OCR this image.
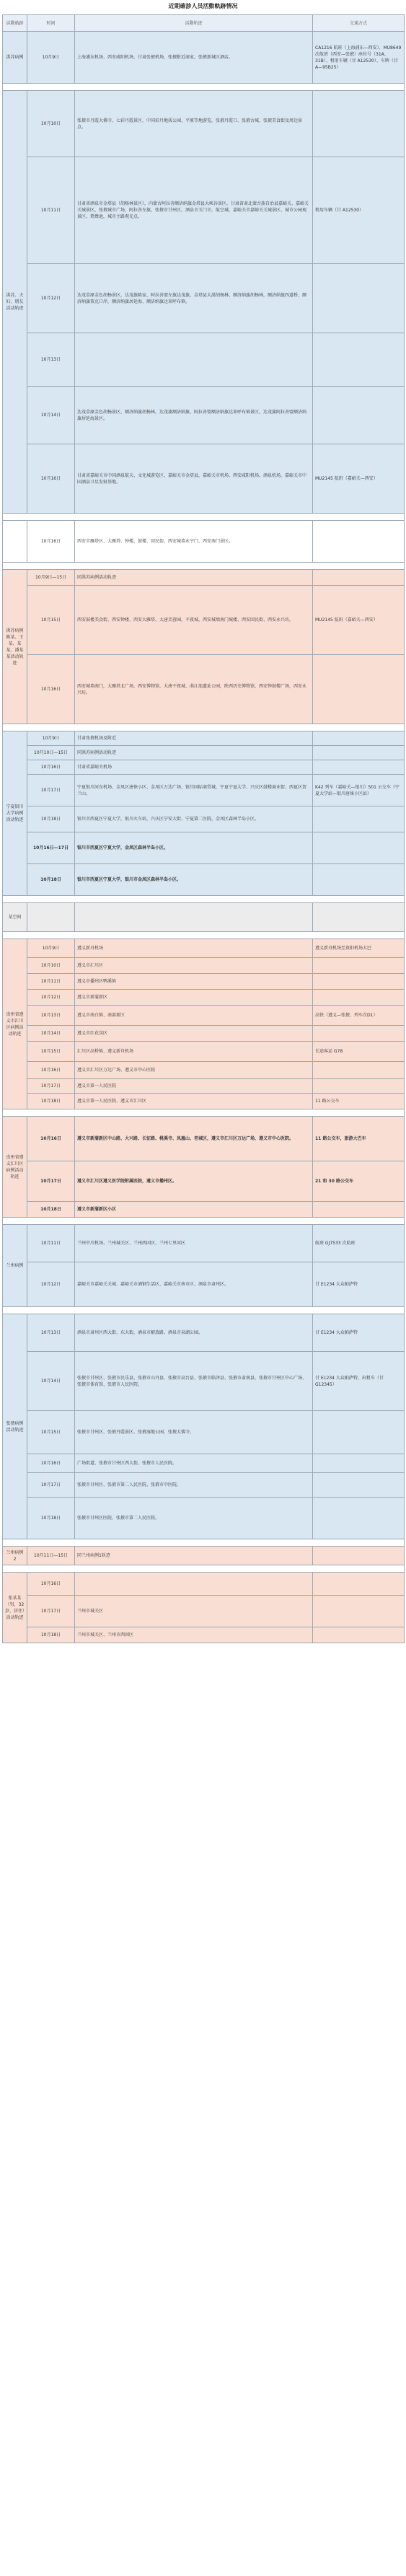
近期確診人员活動軌跡情况
活動軌跡	时间	活動轨迹	交通方式
洪苏病例	10月9日	上海浦东机场、西安咸阳机场、甘肃张掖机场、张掖附近商家，张掖新城区酒店。	CA1216 航班（上海浦东—西安）、MU8649 次航班（西安—张掖）座位号（31A、31B）、租用车辆（甘 A12530）、车牌（甘 A—95B25）

洪苏、夫妇、朋友活动轨迹	10月10日	张掖市丹霞大佛寺、七彩丹霞景区、中国彩丹地质公园、平原等地游览，张掖丹霞口、张掖古城、张掖美食街及周边景点。	
	10月11日	甘肃省酒泉市金塔县（胡杨林景区），内蒙古阿拉善额济纳旗金塔县大峡谷景区，甘肃省肃北蒙古族自治县嘉峪关、嘉峪关关城景区，张掖城市广场，阿拉善左旗，张掖市甘州区，酒泉市玉门市，航空城，嘉峪关市嘉峪关关城景区、城市公园观景区、鸳鸯池，城市主路观光点。	租用车辆（甘 A12530）
	10月12日	达茂草原金色胡杨景区，达茂旗陈家、阿拉善盟左旗达茂旗、金塔县大漠胡杨林、额济纳旗胡杨林，额济纳旗四道桥、额济纳旗策克口岸，额济纳旗居延海、额济纳旗达来呼布镇。	
	10月13日		
	10月14日	达茂草原金色胡杨景区，额济纳旗胡杨林，达茂旗额济纳旗、阿拉善盟额济纳旗达来呼布镇景区，达茂旗阿拉善盟额济纳旗居延海景区。	
	10月16日	甘肃省嘉峪关市中国酒泉航天、文化城游览区、嘉峪关市金塔县，嘉峪关市机场、西安咸阳机场、酒泉机场，嘉峪关市中国酒泉卫星发射基地。	MU2145 航班（嘉峪关—西安）

	10月16日	西安市雁塔区、大雁塔、钟楼、鼓楼、回民街、西安城墙永宁门、西安南门景区。	

洪苏病例陈某、王某、某某、潘某某活动轨迹	10月9日—15日	同洪苏病例活动轨迹	
	10月15日	西安鼓楼美食街、西安钟楼、西安大雁塔、大唐芙蓉园，不夜城，西安城墙南门城楼、西安回民街、西安永兴坊。	MU2145 航班（嘉峪关—西安）
	10月16日	西安城墙南门，大雁塔北广场，西安博物馆，大唐不夜城、曲江池遗址公园，陕西历史博物馆，西安钟鼓楼广场，西安永兴坊。	

宁夏银川大学病例活动轨迹	10月9日	甘肃张掖机场及附近	
	10月10日—15日	同洪苏病例活动轨迹	
	10月16日	甘肃省嘉峪关机场	
	10月17日	宁夏银川河东机场，金凤区唐徕小区、金凤区万达广场、银川国际商贸城，宁夏宁夏大学、兴庆区鼓楼商业街、西夏区贺兰山。	K42 列车（嘉峪关—银川）501 公交车（宁夏大学站—银川唐徕小区站）
	10月18日	银川市西夏区宁夏大学，银川火车站，兴庆区宁安大街、宁夏第二医院，金凤区森林半岛小区。	
	10月16日—17日	银川市西夏区宁夏大学，金凤区森林半岛小区。	
	10月18日	银川市西夏区宁夏大学，银川市金凤区森林半岛小区。	

某空间			

贵州省遵义市汇川区病例活动轨迹	10月9日	遵义新舟机场	遵义新舟机场至贵阳机场大巴
	10月10日	遵义市汇川区	
	10月11日	遵义市播州区鸭溪镇	
	10月12日	遵义市新蒲新区	
	10月13日	遵义市南白镇、南部新区	高铁（遵义—张掖、列车次D1）
	10月14日	遵义市红花岗区	
	10月15日	汇川区高桥镇、遵义新舟机场	长途客运 G78
	10月16日	遵义市汇川区万达广场、遵义市中心医院	
	10月17日	遵义市第一人民医院	
	10月18日	遵义市第一人民医院、遵义市汇川区	11 路公交车

贵州省遵义汇川区病例活动轨迹	10月16日	遵义市新蒲新区中山路、大兴路、长征路、桃溪寺、凤凰山、老城区，遵义市汇川区万达广场、遵义市中心医院。	11 路公交车，旅游大巴车
	10月17日	遵义市汇川区遵义医学院附属医院，遵义市播州区。	21 和 30 路公交车
	10月18日	遵义市新蒲新区小区	

兰州病例	10月11日	兰州中川机场、兰州城关区、兰州西固区、兰州七里河区	航班 GJ7533 次航班
	10月12日	嘉峪关市嘉峪关关城、嘉峪关市酒钢生活区、嘉峪关市南市区、酒泉市肃州区。	甘 E1234 大众帕萨特

张掖病例活动轨迹	10月13日	酒泉市肃州区西大街、东大街，酒泉市解放路、酒泉市泉湖公园。	甘 E1234 大众帕萨特
	10月14日	张掖市甘州区、张掖市民乐县、张掖市山丹县、张掖市高台县、张掖市临泽县、张掖市肃南县，张掖市甘州区中心广场、张掖市体育馆、张掖市人民医院。	甘 E1234 大众帕萨特，出租车（甘 G12345）
	10月15日	张掖市甘州区、张掖丹霞景区、张掖湿地公园、张掖大佛寺。	
	10月16日	广场街道、张掖市甘州区西大街、张掖市人民医院。	
	10月17日	张掖市甘州区、张掖市第二人民医院、张掖市中医院。	
	10月18日	张掖市甘州区医院、张掖市第二人民医院。	

兰州病例2	10月11日—15日	同兰州病例1轨迹	

张某某（男，32岁，居住）活动轨迹	10月16日		
	10月17日	兰州市城关区	
	10月18日	兰州市城关区、兰州市西固区	
